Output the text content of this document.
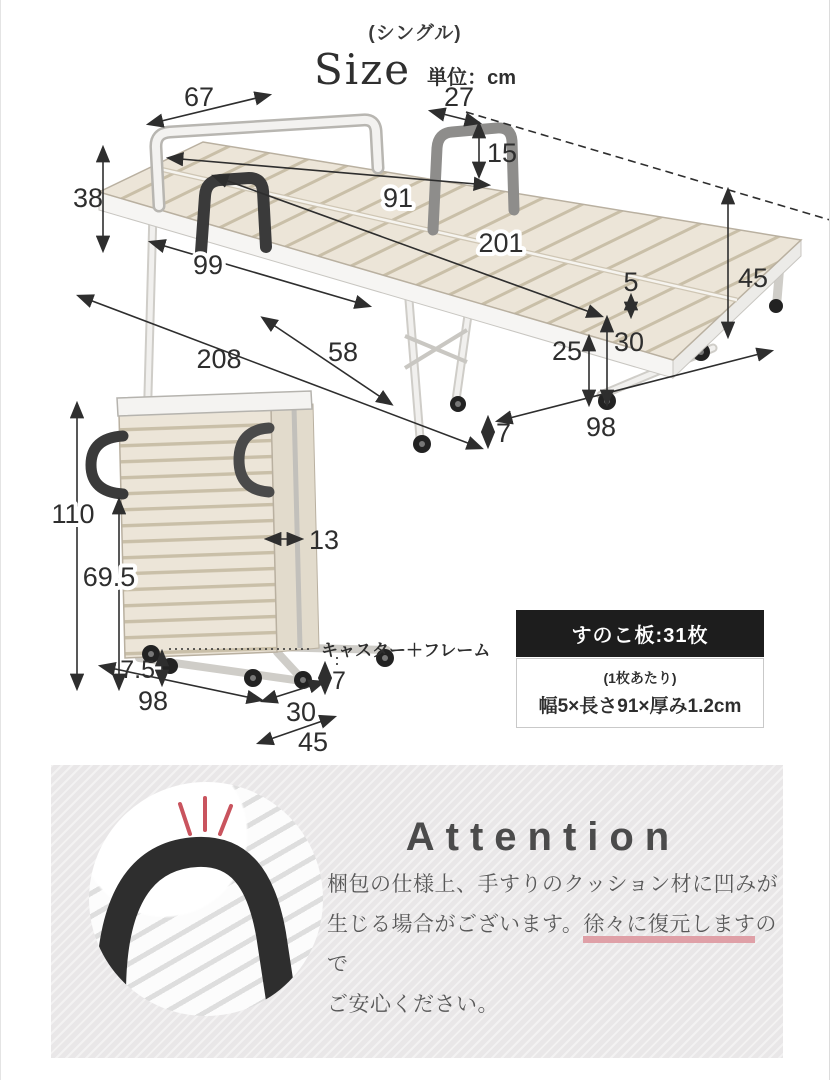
(シングル)
Size 単位：cm
67
38
27
15
91
201
45
99
208	58
5
25 30
7	98
110
69.5
13
キャスター＋フレーム
7
7.5
98	30
45
すのこ板:31枚
(1枚あたり)
幅5×長さ91×厚み1.2cm
Attention
梱包の仕様上、手すりのクッション材に凹みが
生じる場合がございます。徐々に復元しますので
ご安心ください。
